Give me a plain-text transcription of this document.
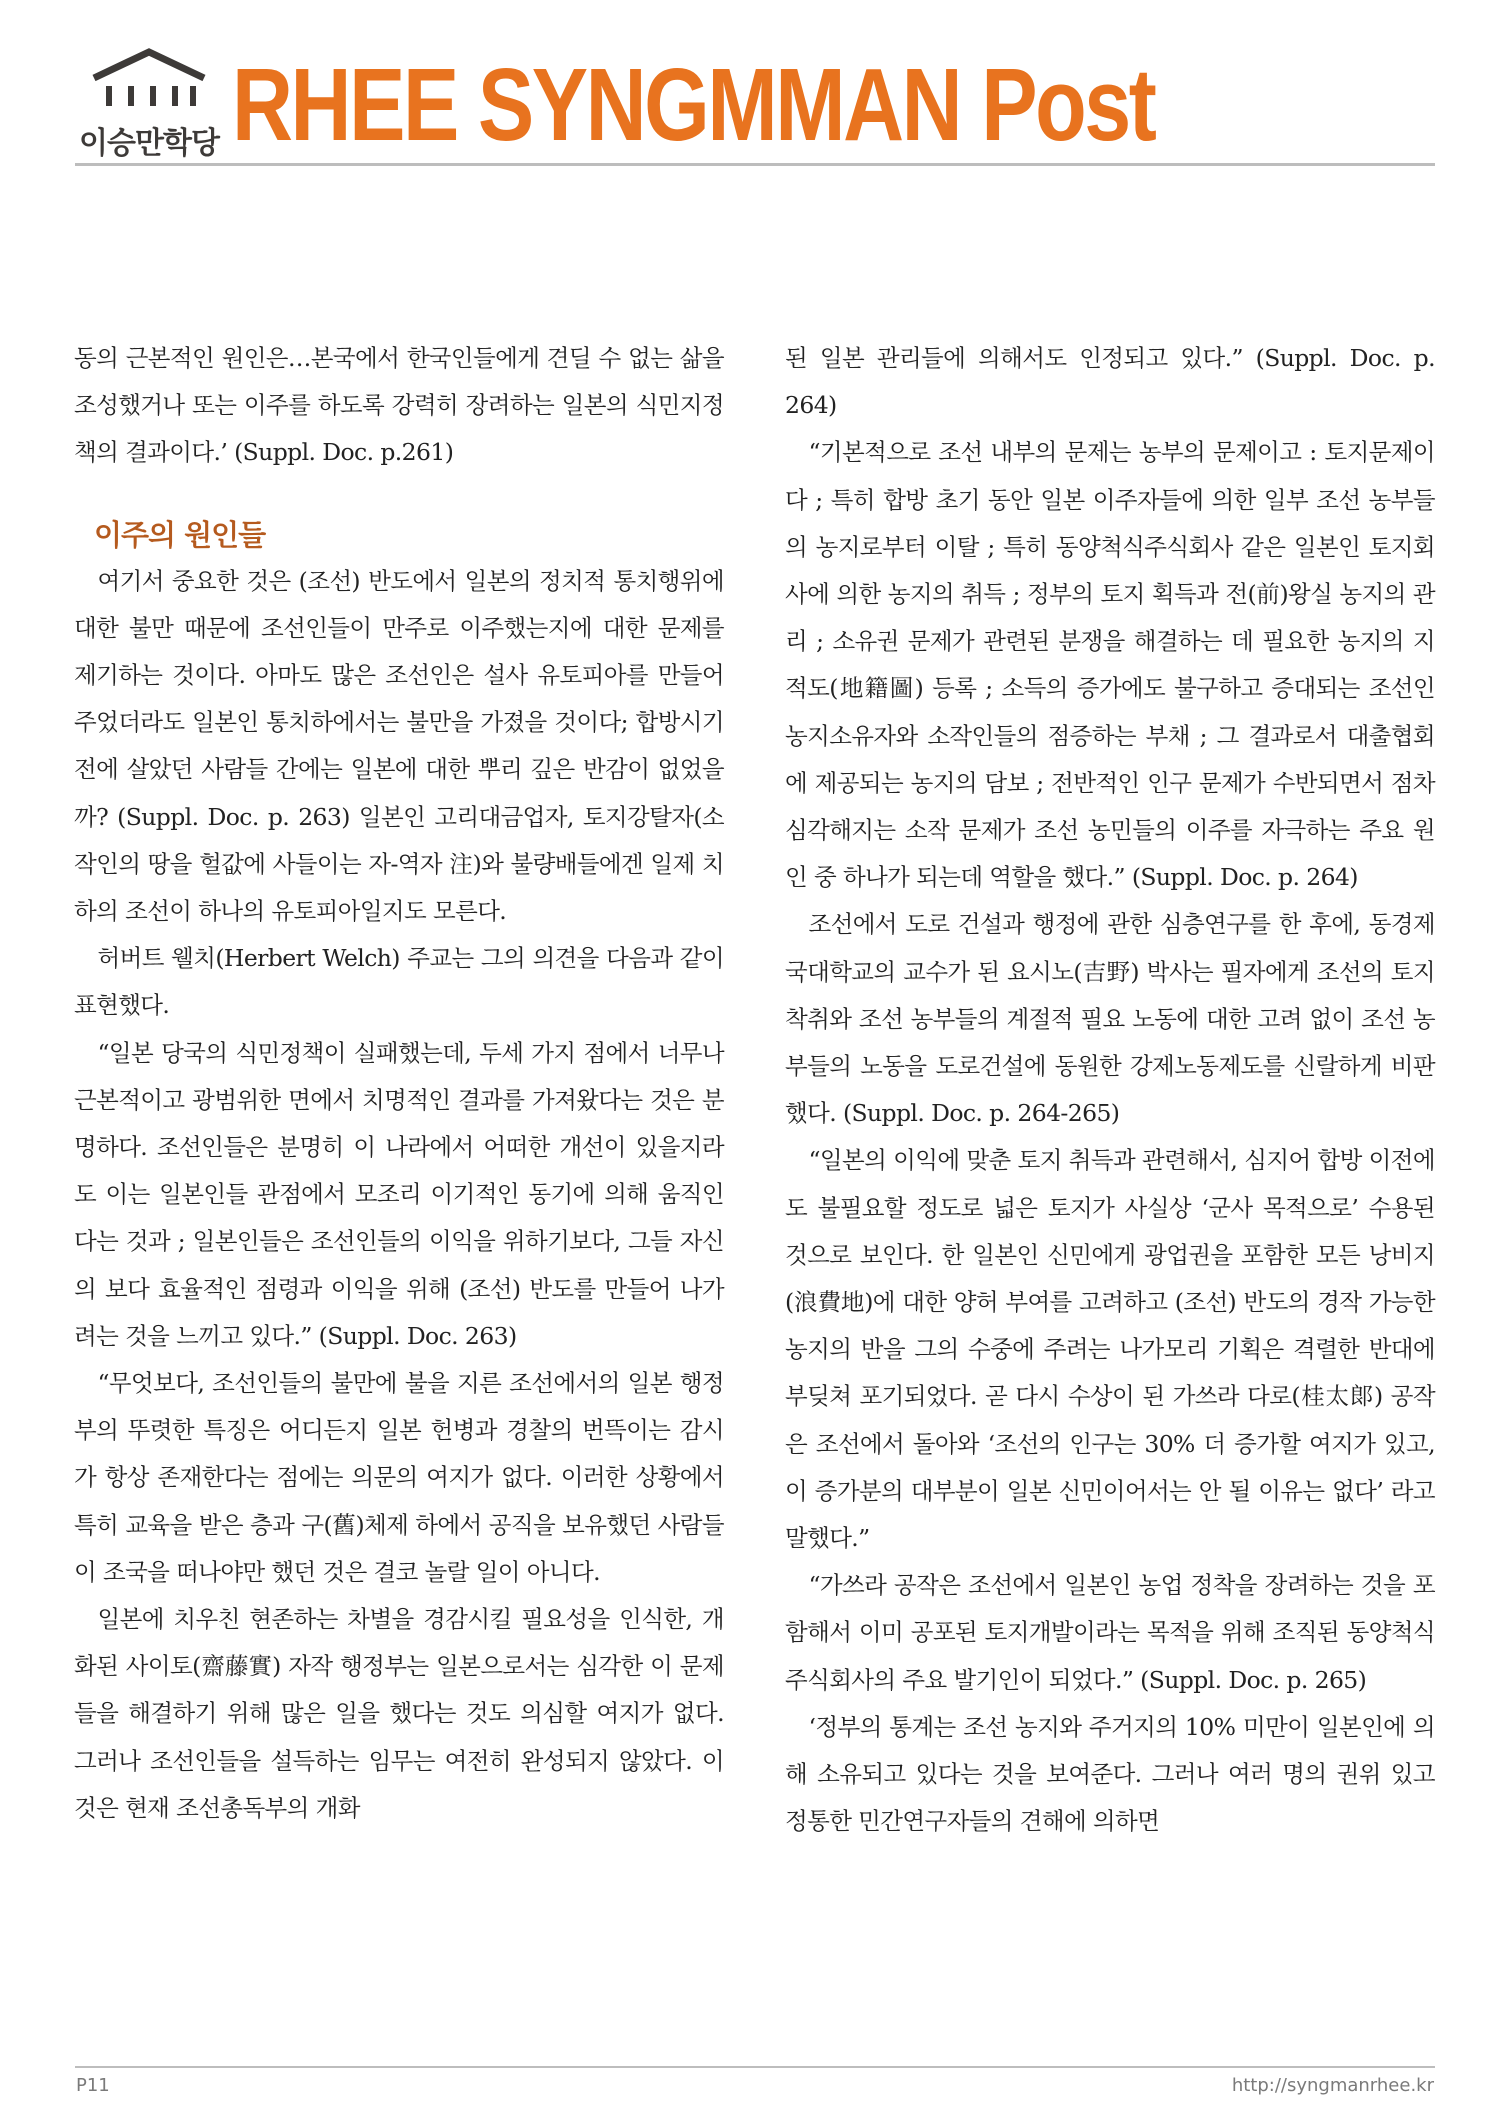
이승만학당 RHEE SYNGMMAN Post

동의 근본적인 원인은…본국에서 한국인들에게 견딜 수 없는 삶을 조성했거나 또는 이주를 하도록 강력히 장려하는 일본의 식민지정책의 결과이다.’ (Suppl. Doc. p.261)

이주의 원인들

여기서 중요한 것은 (조선) 반도에서 일본의 정치적 통치행위에 대한 불만 때문에 조선인들이 만주로 이주했는지에 대한 문제를 제기하는 것이다. 아마도 많은 조선인은 설사 유토피아를 만들어 주었더라도 일본인 통치하에서는 불만을 가졌을 것이다; 합방시기 전에 살았던 사람들 간에는 일본에 대한 뿌리 깊은 반감이 없었을까? (Suppl. Doc. p. 263) 일본인 고리대금업자, 토지강탈자(소작인의 땅을 헐값에 사들이는 자-역자 注)와 불량배들에겐 일제 치하의 조선이 하나의 유토피아일지도 모른다.

허버트 웰치(Herbert Welch) 주교는 그의 의견을 다음과 같이 표현했다.

“일본 당국의 식민정책이 실패했는데, 두세 가지 점에서 너무나 근본적이고 광범위한 면에서 치명적인 결과를 가져왔다는 것은 분명하다. 조선인들은 분명히 이 나라에서 어떠한 개선이 있을지라도 이는 일본인들 관점에서 모조리 이기적인 동기에 의해 움직인다는 것과 ; 일본인들은 조선인들의 이익을 위하기보다, 그들 자신의 보다 효율적인 점령과 이익을 위해 (조선) 반도를 만들어 나가려는 것을 느끼고 있다.” (Suppl. Doc. 263)

“무엇보다, 조선인들의 불만에 불을 지른 조선에서의 일본 행정부의 뚜렷한 특징은 어디든지 일본 헌병과 경찰의 번뜩이는 감시가 항상 존재한다는 점에는 의문의 여지가 없다. 이러한 상황에서 특히 교육을 받은 층과 구(舊)체제 하에서 공직을 보유했던 사람들이 조국을 떠나야만 했던 것은 결코 놀랄 일이 아니다.

일본에 치우친 현존하는 차별을 경감시킬 필요성을 인식한, 개화된 사이토(齋藤實) 자작 행정부는 일본으로서는 심각한 이 문제들을 해결하기 위해 많은 일을 했다는 것도 의심할 여지가 없다. 그러나 조선인들을 설득하는 임무는 여전히 완성되지 않았다. 이것은 현재 조선총독부의 개화

된 일본 관리들에 의해서도 인정되고 있다.” (Suppl. Doc. p. 264)

“기본적으로 조선 내부의 문제는 농부의 문제이고 : 토지문제이다 ; 특히 합방 초기 동안 일본 이주자들에 의한 일부 조선 농부들의 농지로부터 이탈 ; 특히 동양척식주식회사 같은 일본인 토지회사에 의한 농지의 취득 ; 정부의 토지 획득과 전(前)왕실 농지의 관리 ; 소유권 문제가 관련된 분쟁을 해결하는 데 필요한 농지의 지적도(地籍圖) 등록 ; 소득의 증가에도 불구하고 증대되는 조선인 농지소유자와 소작인들의 점증하는 부채 ; 그 결과로서 대출협회에 제공되는 농지의 담보 ; 전반적인 인구 문제가 수반되면서 점차 심각해지는 소작 문제가 조선 농민들의 이주를 자극하는 주요 원인 중 하나가 되는데 역할을 했다.” (Suppl. Doc. p. 264)

조선에서 도로 건설과 행정에 관한 심층연구를 한 후에, 동경제국대학교의 교수가 된 요시노(吉野) 박사는 필자에게 조선의 토지 착취와 조선 농부들의 계절적 필요 노동에 대한 고려 없이 조선 농부들의 노동을 도로건설에 동원한 강제노동제도를 신랄하게 비판했다. (Suppl. Doc. p. 264-265)

“일본의 이익에 맞춘 토지 취득과 관련해서, 심지어 합방 이전에도 불필요할 정도로 넓은 토지가 사실상 ‘군사 목적으로’ 수용된 것으로 보인다. 한 일본인 신민에게 광업권을 포함한 모든 낭비지(浪費地)에 대한 양허 부여를 고려하고 (조선) 반도의 경작 가능한 농지의 반을 그의 수중에 주려는 나가모리 기획은 격렬한 반대에 부딪쳐 포기되었다. 곧 다시 수상이 된 가쓰라 다로(桂太郞) 공작은 조선에서 돌아와 ‘조선의 인구는 30% 더 증가할 여지가 있고, 이 증가분의 대부분이 일본 신민이어서는 안 될 이유는 없다’ 라고 말했다.”

“가쓰라 공작은 조선에서 일본인 농업 정착을 장려하는 것을 포함해서 이미 공포된 토지개발이라는 목적을 위해 조직된 동양척식주식회사의 주요 발기인이 되었다.” (Suppl. Doc. p. 265)

‘정부의 통계는 조선 농지와 주거지의 10% 미만이 일본인에 의해 소유되고 있다는 것을 보여준다. 그러나 여러 명의 권위 있고 정통한 민간연구자들의 견해에 의하면

P11	http://syngmanrhee.kr
